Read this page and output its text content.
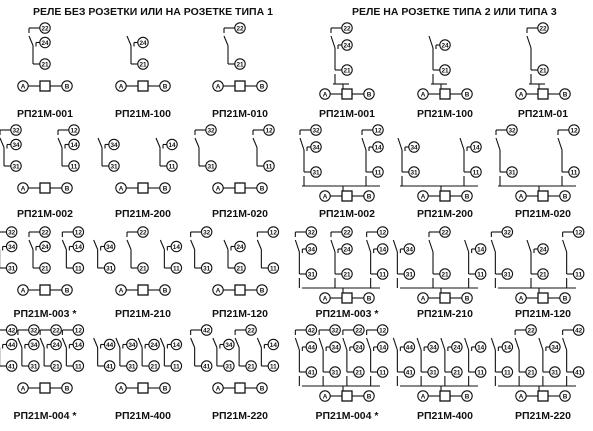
РЕЛЕ БЕЗ РОЗЕТКИ ИЛИ НА РОЗЕТКЕ ТИПА 1	РЕЛЕ НА РОЗЕТКЕ ТИПА 2 ИЛИ ТИПА 3
22
24
21
A	B
24
21
A	B
22
21
A	B
22
24
21
A	B
24
21
A	B
22
21
A	B
32
34
31
12
14
11
A	B
34
31
14
11
A	B
32
31
12
11
A	B
32
34
31
12
14
11
A	B
34
31
14
11
A	B
32
31
12
11
A	B
32
34
31
22
24
21
12
14
11
A	B
34
31
22
21
14
11
A	B
32
31
24
21
12
11
A	B
32
34
31
22
24
21
12
14
11
A	B
34
31
22
21
14
11
A	B
32
31
24
21
12
11
A	B
42
44
41
32
34
31
22
24
21
12
14
11
A	B
44
41
34
31
24
21
14
11
A	B
42
41
34
31
22
21
14
11
A	B
42
44
41
32
34
31
22
24
21
12
14
11
A	B
44
41
34
31
24
21
14
11
A	B
14
11
22
21
34
31
42
41
A	B
РП21М-001	РП21М-100	РП21М-010	РП21М-001	РП21М-100	РП21М-01
РП21М-002	РП21М-200	РП21М-020	РП21М-002	РП21М-200	РП21М-020
РП21М-003 *	РП21М-210	РП21М-120	РП21М-003 *	РП21М-210	РП21М-120
РП21М-004 *	РП21М-400	РП21М-220	РП21М-004 *	РП21М-400	РП21М-220
